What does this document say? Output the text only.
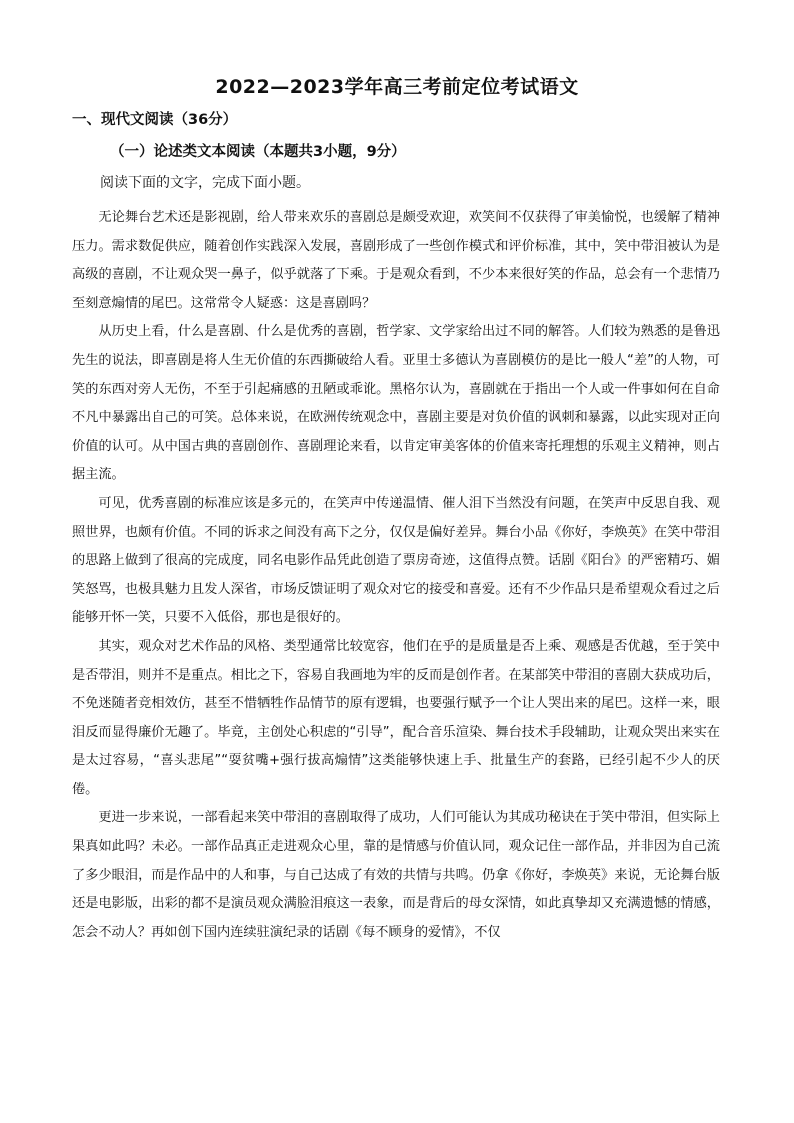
2022—2023学年高三考前定位考试语文
一、现代文阅读（36分）
（一）论述类文本阅读（本题共3小题，9分）
阅读下面的文字，完成下面小题。

无论舞台艺术还是影视剧，给人带来欢乐的喜剧总是颇受欢迎，欢笑间不仅获得了审美愉悦，也缓解了精神压力。需求数促供应，随着创作实践深入发展，喜剧形成了一些创作模式和评价标准，其中，笑中带泪被认为是高级的喜剧，不让观众哭一鼻子，似乎就落了下乘。于是观众看到，不少本来很好笑的作品，总会有一个悲情乃至刻意煽情的尾巴。这常常令人疑惑：这是喜剧吗？

从历史上看，什么是喜剧、什么是优秀的喜剧，哲学家、文学家给出过不同的解答。人们较为熟悉的是鲁迅先生的说法，即喜剧是将人生无价值的东西撕破给人看。亚里士多德认为喜剧模仿的是比一般人“差”的人物，可笑的东西对旁人无伤，不至于引起痛感的丑陋或乖讹。黑格尔认为，喜剧就在于指出一个人或一件事如何在自命不凡中暴露出自己的可笑。总体来说，在欧洲传统观念中，喜剧主要是对负价值的讽刺和暴露，以此实现对正向价值的认可。从中国古典的喜剧创作、喜剧理论来看，以肯定审美客体的价值来寄托理想的乐观主义精神，则占据主流。

可见，优秀喜剧的标准应该是多元的，在笑声中传递温情、催人泪下当然没有问题，在笑声中反思自我、观照世界，也颇有价值。不同的诉求之间没有高下之分，仅仅是偏好差异。舞台小品《你好，李焕英》在笑中带泪的思路上做到了很高的完成度，同名电影作品凭此创造了票房奇迹，这值得点赞。话剧《阳台》的严密精巧、媚笑怒骂，也极具魅力且发人深省，市场反馈证明了观众对它的接受和喜爱。还有不少作品只是希望观众看过之后能够开怀一笑，只要不入低俗，那也是很好的。

其实，观众对艺术作品的风格、类型通常比较宽容，他们在乎的是质量是否上乘、观感是否优越，至于笑中是否带泪，则并不是重点。相比之下，容易自我画地为牢的反而是创作者。在某部笑中带泪的喜剧大获成功后，不免迷随者竞相效仿，甚至不惜牺牲作品情节的原有逻辑，也要强行赋予一个让人哭出来的尾巴。这样一来，眼泪反而显得廉价无趣了。毕竟，主创处心积虑的“引导”，配合音乐渲染、舞台技术手段辅助，让观众哭出来实在是太过容易，“喜头悲尾”“耍贫嘴+强行拔高煽情”这类能够快速上手、批量生产的套路，已经引起不少人的厌倦。

更进一步来说，一部看起来笑中带泪的喜剧取得了成功，人们可能认为其成功秘诀在于笑中带泪，但实际上果真如此吗？未必。一部作品真正走进观众心里，靠的是情感与价值认同，观众记住一部作品，并非因为自己流了多少眼泪，而是作品中的人和事，与自己达成了有效的共情与共鸣。仍拿《你好，李焕英》来说，无论舞台版还是电影版，出彩的都不是演员观众满脸泪痕这一表象，而是背后的母女深情，如此真挚却又充满遗憾的情感，怎会不动人？再如创下国内连续驻演纪录的话剧《每不顾身的爱情》，不仅
